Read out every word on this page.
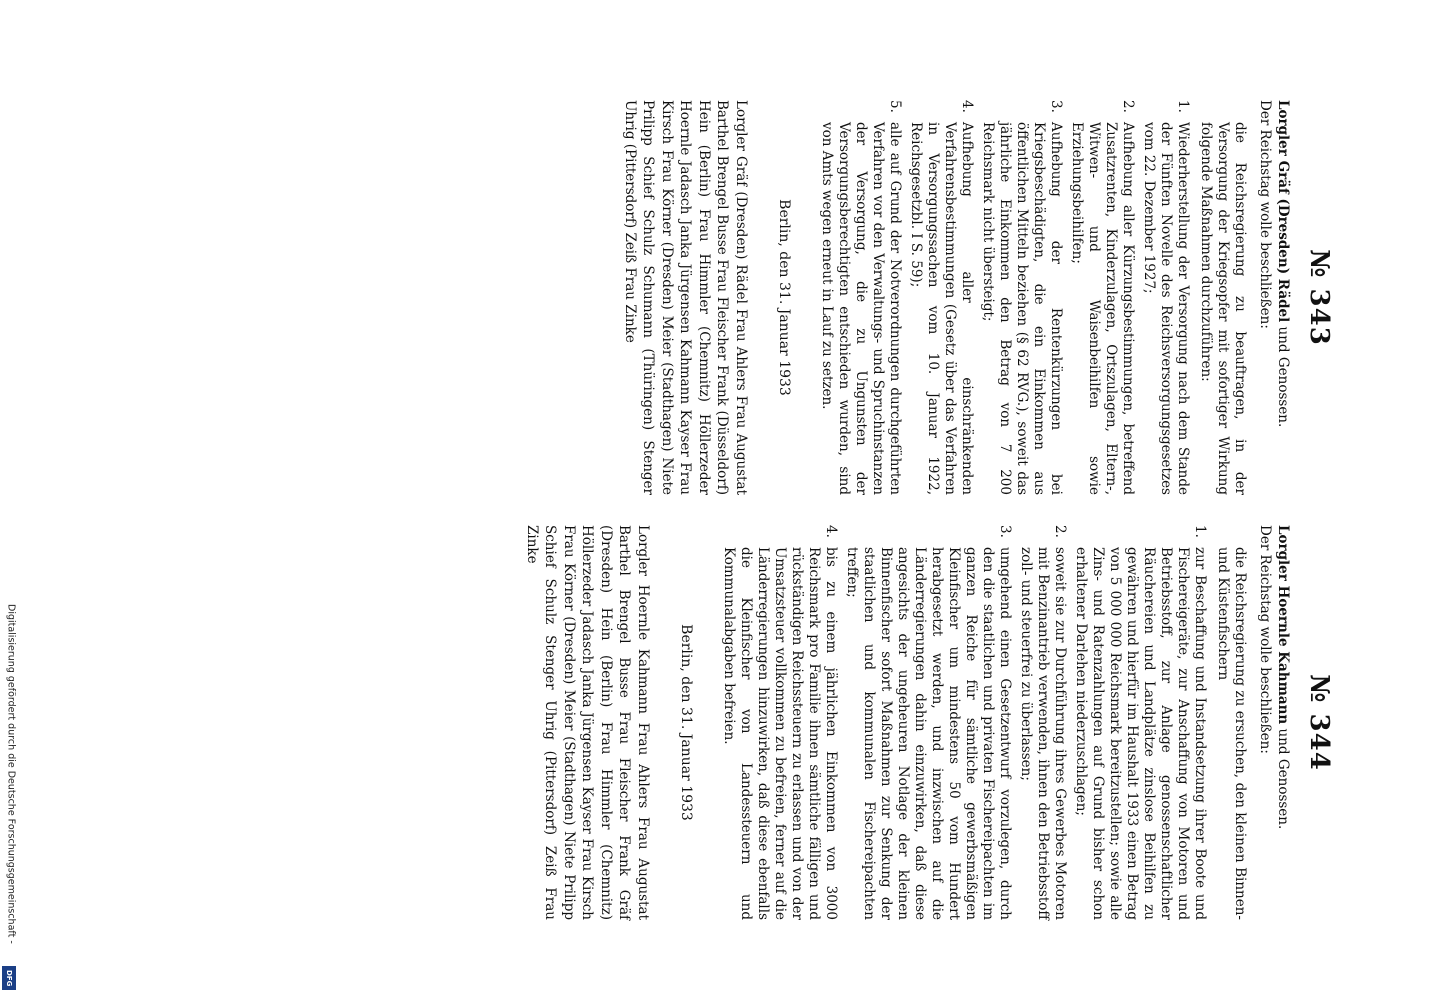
Digitalisierung gefördert durch die Deutsche Forschungsgemeinschaft -
DFG
№ 343
Lorgler Gräf (Dresden) Rädel und Genossen.
Der Reichstag wolle beschließen:
die Reichsregierung zu beauftragen, in der Versorgung der Kriegsopfer mit sofortiger Wirkung folgende Maßnahmen durchzuführen:
1.
Wiederherstellung der Versorgung nach dem Stande der Fünften Novelle des Reichsversorgungsgesetzes vom 22. Dezember 1927;
2.
Aufhebung aller Kürzungsbestimmungen, betreffend Zusatzrenten, Kinderzulagen, Ortszulagen, Eltern-, Witwen- und Waisenbeihilfen sowie Erziehungsbeihilfen;
3.
Aufhebung der Rentenkürzungen bei Kriegsbeschädigten, die ein Einkommen aus öffentlichen Mitteln beziehen (§ 62 RVG.), soweit das jährliche Einkommen den Betrag von 7 200 Reichsmark nicht übersteigt;
4.
Aufhebung aller einschränkenden Verfahrensbestimmungen (Gesetz über das Verfahren in Versorgungssachen vom 10. Januar 1922, Reichsgesetzbl. I S. 59);
5.
alle auf Grund der Notverordnungen durchgeführten Verfahren vor den Verwaltungs- und Spruchinstanzen der Versorgung, die zu Ungunsten der Versorgungsberechtigten entschieden wurden, sind von Amts wegen erneut in Lauf zu setzen.
Berlin, den 31. Januar 1933
Lorgler Gräf (Dresden) Rädel Frau Ahlers Frau Augustat Barthel Brengel Busse Frau Fleischer Frank (Düsseldorf) Hein (Berlin) Frau Himmler (Chemnitz) Höllerzeder Hoernle Jadasch Janka Jürgensen Kahmann Kayser Frau Kirsch Frau Körner (Dresden) Meier (Stadthagen) Niete Prilipp Schief Schulz Schumann (Thüringen) Stenger Uhrig (Pittersdorf) Zeiß Frau Zinke
№ 344
Lorgler Hoernle Kahmann und Genossen.
Der Reichstag wolle beschließen:
die Reichsregierung zu ersuchen, den kleinen Binnen- und Küstenfischern
1.
zur Beschaffung und Instandsetzung ihrer Boote und Fischereigeräte, zur Anschaffung von Motoren und Betriebsstoff, zur Anlage genossenschaftlicher Räuchereien und Landplätze zinslose Beihilfen zu gewähren und hierfür im Haushalt 1933 einen Betrag von 5 000 000 Reichsmark bereitzustellen; sowie alle Zins- und Ratenzahlungen auf Grund bisher schon erhaltener Darlehen niederzuschlagen;
2.
soweit sie zur Durchführung ihres Gewerbes Motoren mit Benzinantrieb verwenden, ihnen den Betriebsstoff zoll- und steuerfrei zu überlassen;
3.
umgehend einen Gesetzentwurf vorzulegen, durch den die staatlichen und privaten Fischereipachten im ganzen Reiche für sämtliche gewerbsmäßigen Kleinfischer um mindestens 50 vom Hundert herabgesetzt werden, und inzwischen auf die Länderregierungen dahin einzuwirken, daß diese angesichts der ungeheuren Notlage der kleinen Binnenfischer sofort Maßnahmen zur Senkung der staatlichen und kommunalen Fischereipachten treffen;
4.
bis zu einem jährlichen Einkommen von 3000 Reichsmark pro Familie ihnen sämtliche fälligen und rückständigen Reichssteuern zu erlassen und von der Umsatzsteuer vollkommen zu befreien, ferner auf die Länderregierungen hinzuwirken, daß diese ebenfalls die Kleinfischer von Landessteuern und Kommunalabgaben befreien.
Berlin, den 31. Januar 1933
Lorgler Hoernle Kahmann Frau Ahlers Frau Augustat Barthel Brengel Busse Frau Fleischer Frank Gräf (Dresden) Hein (Berlin) Frau Himmler (Chemnitz) Höllerzeder Jadasch Janka Jürgensen Kayser Frau Kirsch Frau Körner (Dresden) Meier (Stadthagen) Niete Prilipp Schief Schulz Stenger Uhrig (Pittersdorf) Zeiß Frau Zinke
